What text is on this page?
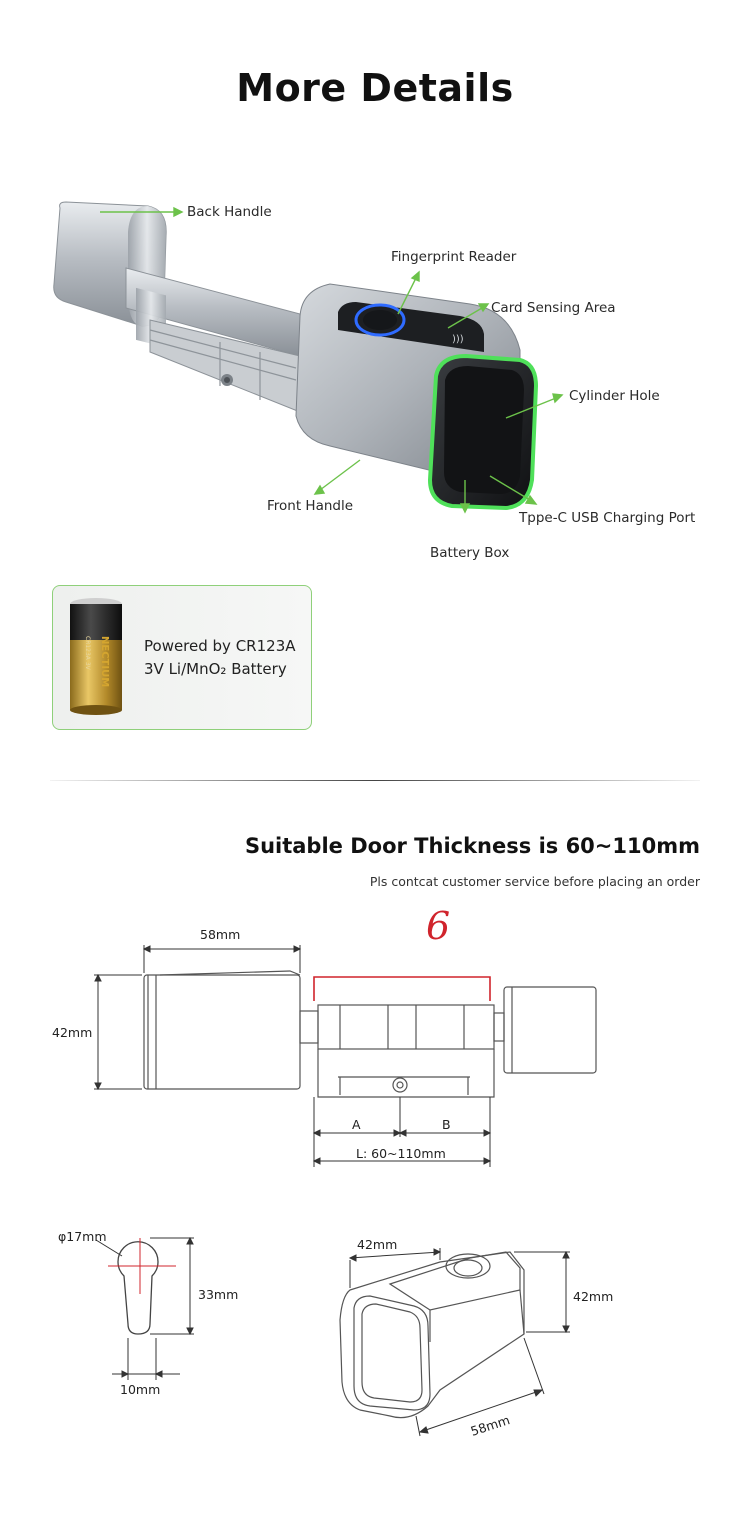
More Details
)))
Back Handle
Fingerprint Reader
Card Sensing Area
Cylinder Hole
Front Handle
Tppe-C USB Charging Port
Battery Box
NECTIUM
CR123A 3V	Powered by CR123A
3V Li/MnO₂ Battery
Suitable Door Thickness is 60~110mm
Pls contcat customer service before placing an order
6
58mm
42mm
A	B
L: 60~110mm
φ17mm
33mm
10mm
42mm
42mm
58mm
